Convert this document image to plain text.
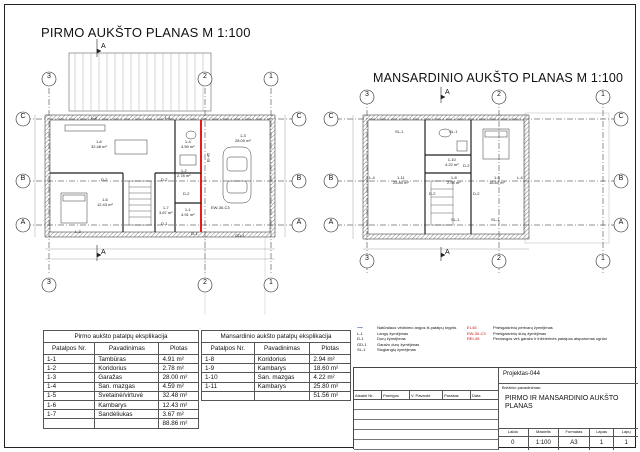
PIRMO AUKŠTO PLANAS M 1:100
MANSARDINIO AUKŠTO PLANAS M 1:100
3	2	1
3	2	1
C
B
A
C
B
A
A
A
3	2	1
3	2	1
C
B
A
C
B
A
A
A
1-6
32.48 m²
1-4
4.59 m²
1-3
28.00 m²
1-2
2.78 m²
1-6
12.43 m²
1-7
3.67 m²
1-1
4.91 m²
L-2	L-1
L-3
D-2	D-2
D-2
D-1
D-1	GD-1
EW-30-C3
EI-45
1-11
25.80 m²
1-10
4.22 m²
1-8
2.94 m²
1-9
18.60 m²
SL-1	SL-1
SL-1	SL-1
L-4	L-4
D-2
D-2
D-2
Pirmo aukšto patalpų eksplikacija		
Patalpos Nr.	Pavadinimas	Plotas
1-1	Tambūras	4.91 m²
1-2	Koridorius	2.78 m²
1-3	Garažas	28.00 m²
1-4	San. mazgas	4.59 m²
1-5	Svetainė/virtuvė	32.48 m²
1-6	Kambarys	12.43 m²
1-7	Sandėliukas	3.67 m²
		88.86 m²
Mansardinio aukšto patalpų eksplikacija		
Patalpos Nr.	Pavadinimas	Plotas
1-8	Koridorius	2.94 m²
1-9	Kambarys	18.60 m²
1-10	San. mazgas	4.22 m²
1-11	Kambarys	25.80 m²
		51.56 m²
⟶	Natūralaus vėdinimo angos iš patalpų kryptis
L-1	Langų žymėjimas
D-1	Durų žymėjimas
GD-1	Garažo durų žymėjimas
SL-1	Stoglangių žymėjimas
EI-45	Priešgaisrinių pertvarų žymėjimas
EW-30-C3 Priešgaisrinių durų žymėjimas
REI-45	Perdangos virš garažo ir inžinerinės patalpos atsparumas ugniai
Atsakė Nr.	Pareigos	V. Pavardė	Parašas	Data
Projektas-044
Brėžinio pavadinimas:
PIRMO IR MANSARDINIO AUKŠTO PLANAS
Laida
0
Mastelis
1:100
Formatas
A3
Lapas
1
Lapų
1
